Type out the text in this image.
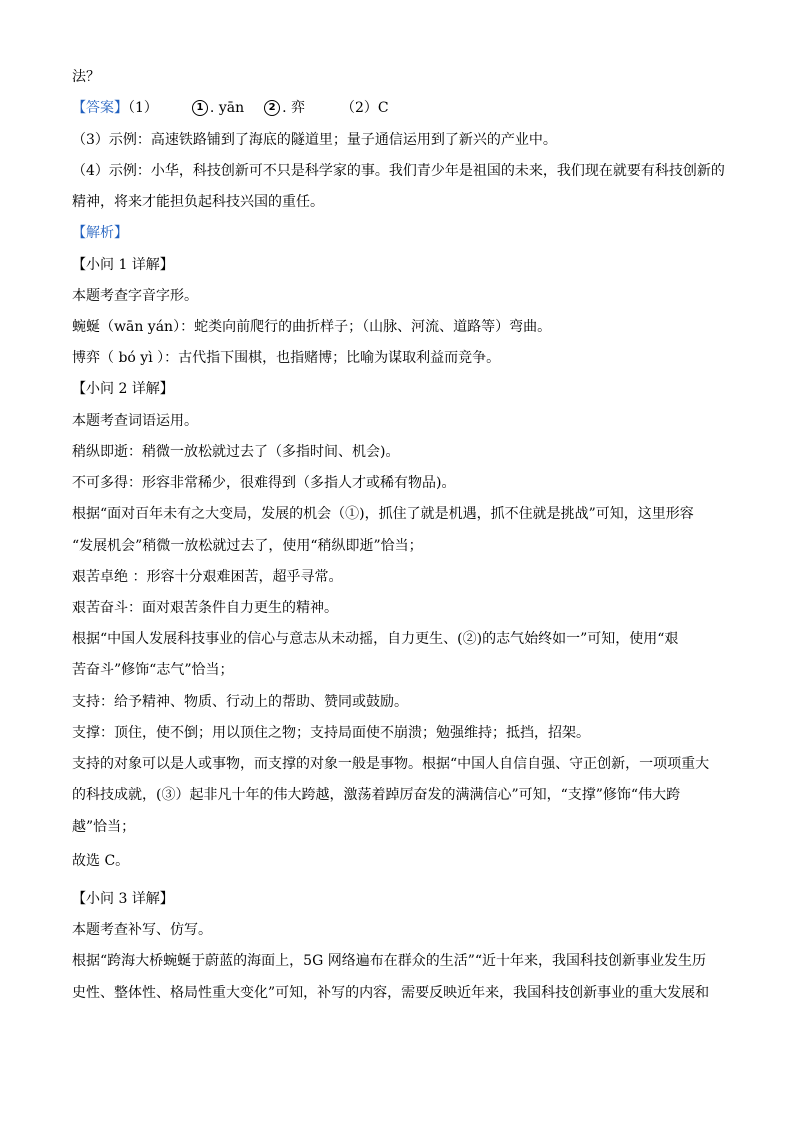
法？
【答案】（1）	1 . yān 2 . 弈	（2）C
（3）示例：高速铁路铺到了海底的隧道里；量子通信运用到了新兴的产业中。
（4）示例：小华，科技创新可不只是科学家的事。我们青少年是祖国的未来，我们现在就要有科技创新的
精神，将来才能担负起科技兴国的重任。
【解析】
【小问 1 详解】
本题考查字音字形。
蜿蜒（wān yán）：蛇类向前爬行的曲折样子；（山脉、河流、道路等）弯曲。
博弈（ bó yì ）：古代指下围棋，也指赌博；比喻为谋取利益而竞争。
【小问 2 详解】
本题考查词语运用。
稍纵即逝：稍微一放松就过去了（多指时间、机会)。
不可多得：形容非常稀少，很难得到（多指人才或稀有物品)。
根据“面对百年未有之大变局，发展的机会（①)，抓住了就是机遇，抓不住就是挑战”可知，这里形容
“发展机会”稍微一放松就过去了，使用“稍纵即逝”恰当；
艰苦卓绝 ：形容十分艰难困苦，超乎寻常。
艰苦奋斗：面对艰苦条件自力更生的精神。
根据“中国人发展科技事业的信心与意志从未动摇，自力更生、(②)的志气始终如一”可知，使用“艰
苦奋斗”修饰“志气”恰当；
支持：给予精神、物质、行动上的帮助、赞同或鼓励。
支撑：顶住，使不倒；用以顶住之物；支持局面使不崩溃；勉强维持；抵挡，招架。
支持的对象可以是人或事物，而支撑的对象一般是事物。根据“中国人自信自强、守正创新，一项项重大
的科技成就，(③）起非凡十年的伟大跨越，激荡着踔厉奋发的满满信心”可知，“支撑”修饰“伟大跨
越”恰当；
故选 C。
【小问 3 详解】
本题考查补写、仿写。
根据“跨海大桥蜿蜒于蔚蓝的海面上，5G 网络遍布在群众的生活”“近十年来，我国科技创新事业发生历
史性、整体性、格局性重大变化”可知，补写的内容，需要反映近年来，我国科技创新事业的重大发展和
